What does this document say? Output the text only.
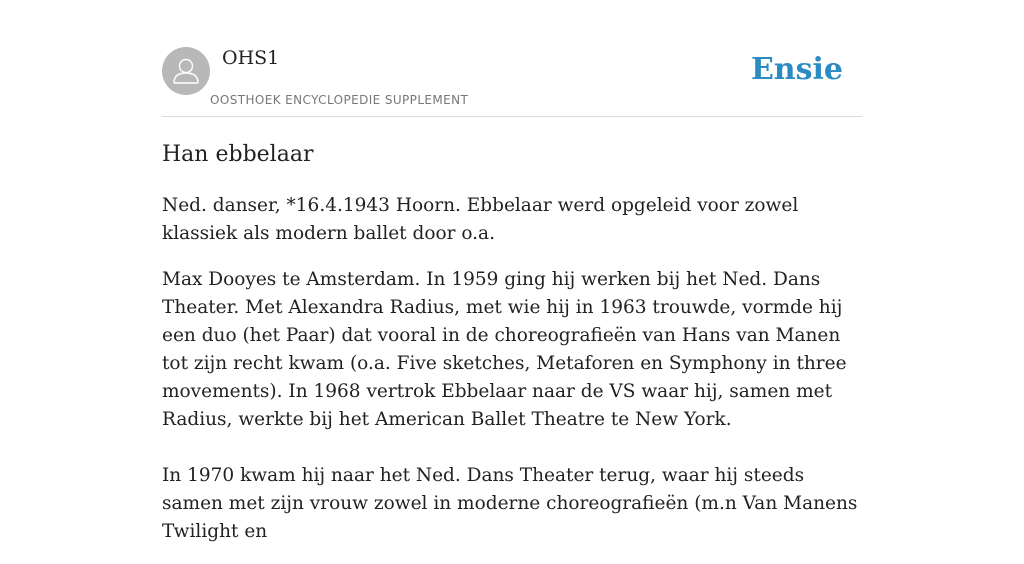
OHS1
OOSTHOEK ENCYCLOPEDIE SUPPLEMENT
Ensie
Han ebbelaar

Ned. danser, *16.4.1943 Hoorn. Ebbelaar werd opgeleid voor zowel klassiek als modern ballet door o.a.

Max Dooyes te Amsterdam. In 1959 ging hij werken bij het Ned. Dans Theater. Met Alexandra Radius, met wie hij in 1963 trouwde, vormde hij een duo (het Paar) dat vooral in de choreografieën van Hans van Manen tot zijn recht kwam (o.a. Five sketches, Metaforen en Symphony in three movements). In 1968 vertrok Ebbelaar naar de VS waar hij, samen met Radius, werkte bij het American Ballet Theatre te New York.

In 1970 kwam hij naar het Ned. Dans Theater terug, waar hij steeds samen met zijn vrouw zowel in moderne choreografieën (m.n Van Manens Twilight en
